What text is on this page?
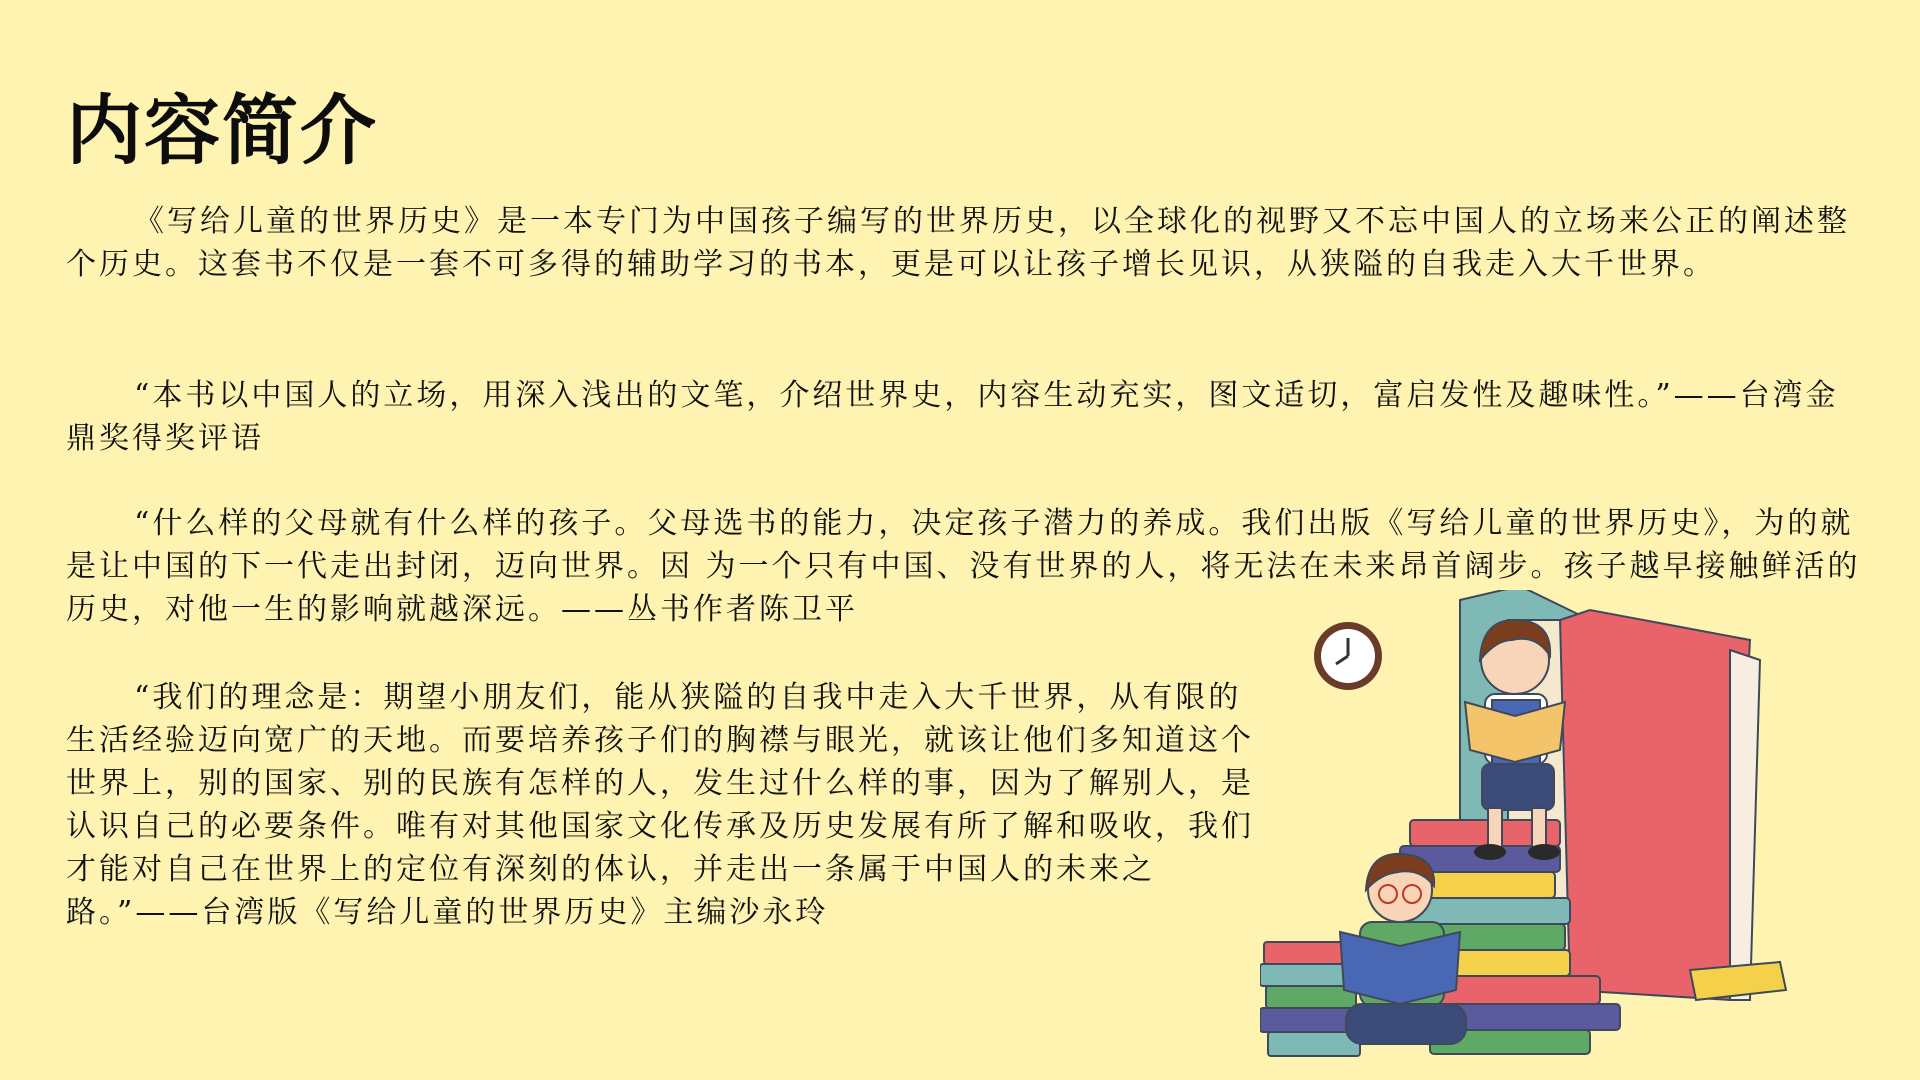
内容简介

《写给儿童的世界历史》是一本专门为中国孩子编写的世界历史，以全球化的视野又不忘中国人的立场来公正的阐述整个历史。这套书不仅是一套不可多得的辅助学习的书本，更是可以让孩子增长见识，从狭隘的自我走入大千世界。

“本书以中国人的立场，用深入浅出的文笔，介绍世界史，内容生动充实，图文适切，富启发性及趣味性。”——台湾金鼎奖得奖评语

“什么样的父母就有什么样的孩子。父母选书的能力，决定孩子潜力的养成。我们出版《写给儿童的世界历史》，为的就是让中国的下一代走出封闭，迈向世界。因 为一个只有中国、没有世界的人，将无法在未来昂首阔步。孩子越早接触鲜活的历史，对他一生的影响就越深远。——丛书作者陈卫平

“我们的理念是：期望小朋友们，能从狭隘的自我中走入大千世界，从有限的生活经验迈向宽广的天地。而要培养孩子们的胸襟与眼光，就该让他们多知道这个世界上，别的国家、别的民族有怎样的人，发生过什么样的事，因为了解别人，是认识自己的必要条件。唯有对其他国家文化传承及历史发展有所了解和吸收，我们才能对自己在世界上的定位有深刻的体认，并走出一条属于中国人的未来之路。”——台湾版《写给儿童的世界历史》主编沙永玲
